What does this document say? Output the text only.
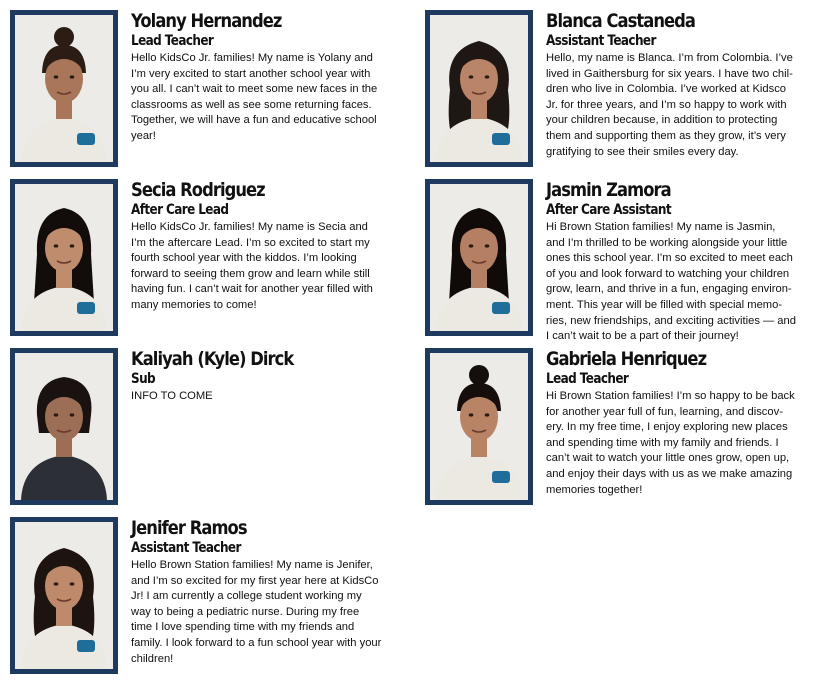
Yolany Hernandez
Lead Teacher
Hello KidsCo Jr. families! My name is Yolany and
I’m very excited to start another school year with
you all. I can’t wait to meet some new faces in the
classrooms as well as see some returning faces.
Together, we will have a fun and educative school
year!
Blanca Castaneda
Assistant Teacher
Hello, my name is Blanca. I’m from Colombia. I’ve
lived in Gaithersburg for six years. I have two chil-
dren who live in Colombia. I’ve worked at Kidsco
Jr. for three years, and I’m so happy to work with
your children because, in addition to protecting
them and supporting them as they grow, it’s very
gratifying to see their smiles every day.
Secia Rodriguez
After Care Lead
Hello KidsCo Jr. families! My name is Secia and
I’m the aftercare Lead. I’m so excited to start my
fourth school year with the kiddos. I’m looking
forward to seeing them grow and learn while still
having fun. I can’t wait for another year filled with
many memories to come!
Jasmin Zamora
After Care Assistant
Hi Brown Station families! My name is Jasmin,
and I’m thrilled to be working alongside your little
ones this school year. I’m so excited to meet each
of you and look forward to watching your children
grow, learn, and thrive in a fun, engaging environ-
ment. This year will be filled with special memo-
ries, new friendships, and exciting activities — and
I can’t wait to be a part of their journey!
Kaliyah (Kyle) Dirck
Sub
INFO TO COME
Gabriela Henriquez
Lead Teacher
Hi Brown Station families! I’m so happy to be back
for another year full of fun, learning, and discov-
ery. In my free time, I enjoy exploring new places
and spending time with my family and friends. I
can’t wait to watch your little ones grow, open up,
and enjoy their days with us as we make amazing
memories together!
Jenifer Ramos
Assistant Teacher
Hello Brown Station families! My name is Jenifer,
and I’m so excited for my first year here at KidsCo
Jr! I am currently a college student working my
way to being a pediatric nurse. During my free
time I love spending time with my friends and
family. I look forward to a fun school year with your
children!
